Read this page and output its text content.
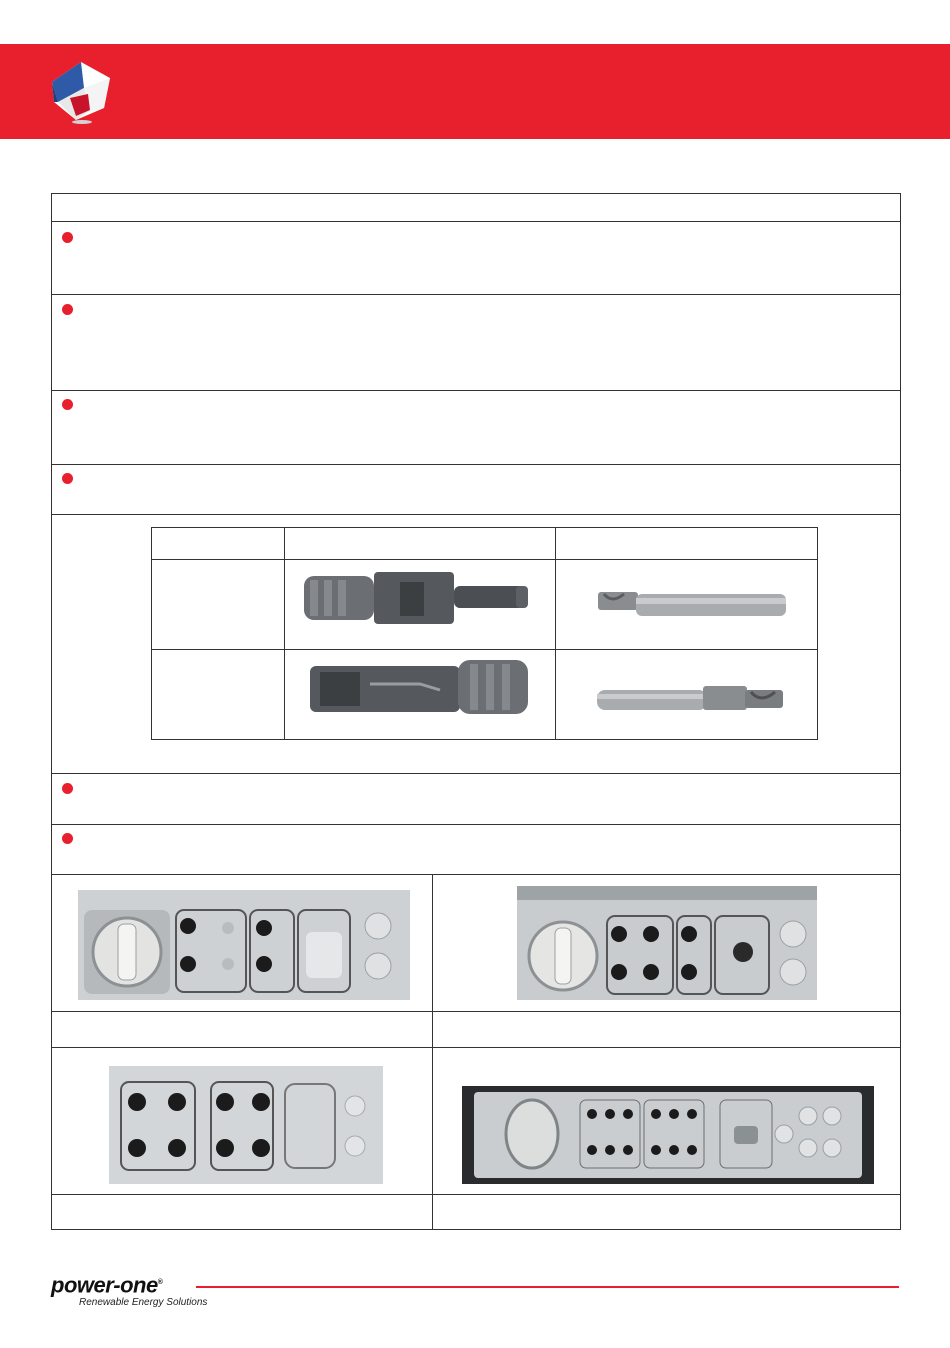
power-one®
Renewable Energy Solutions
